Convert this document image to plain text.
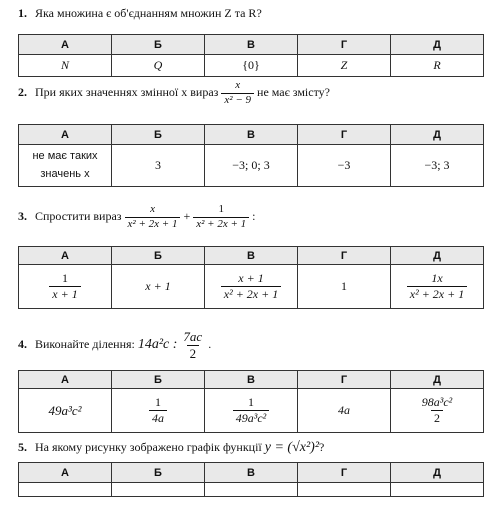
1. Яка множина є об'єднанням множин Z та R?
А	Б	В	Г	Д
N	Q	{0}	Z	R
2. При яких значеннях змінної x вираз $\frac{x}{\text{x² − 9}}$ не має змісту?
А	Б	В	Г	Д

не має таких
значень x	3	−3; 0; 3	−3	−3; 3
3. Спростити вираз $\frac{x}{\text{x² + 2x + 1}} + \frac{1}{\text{x² + 2x + 1}}$ :
А	Б	В	Г	Д

$\frac{1}{x + 1}$	x + 1	$\frac{x + 1}{\text{x² + 2x + 1}}$	1	$\frac{1x}{\text{x² + 2x + 1}}$
4. Виконайте ділення: 14a²c : $\frac{7ac}{2}$ .
А	Б	В	Г	Д
49a³c²	$\frac{1}{4a}$	$\frac{1}{\text{49a³c²}}$	4a	$\frac{\text{98a³c²}}{2}$
5. На якому рисунку зображено графік функції y = (√x²)²?
А	Б	В	Г	Д
